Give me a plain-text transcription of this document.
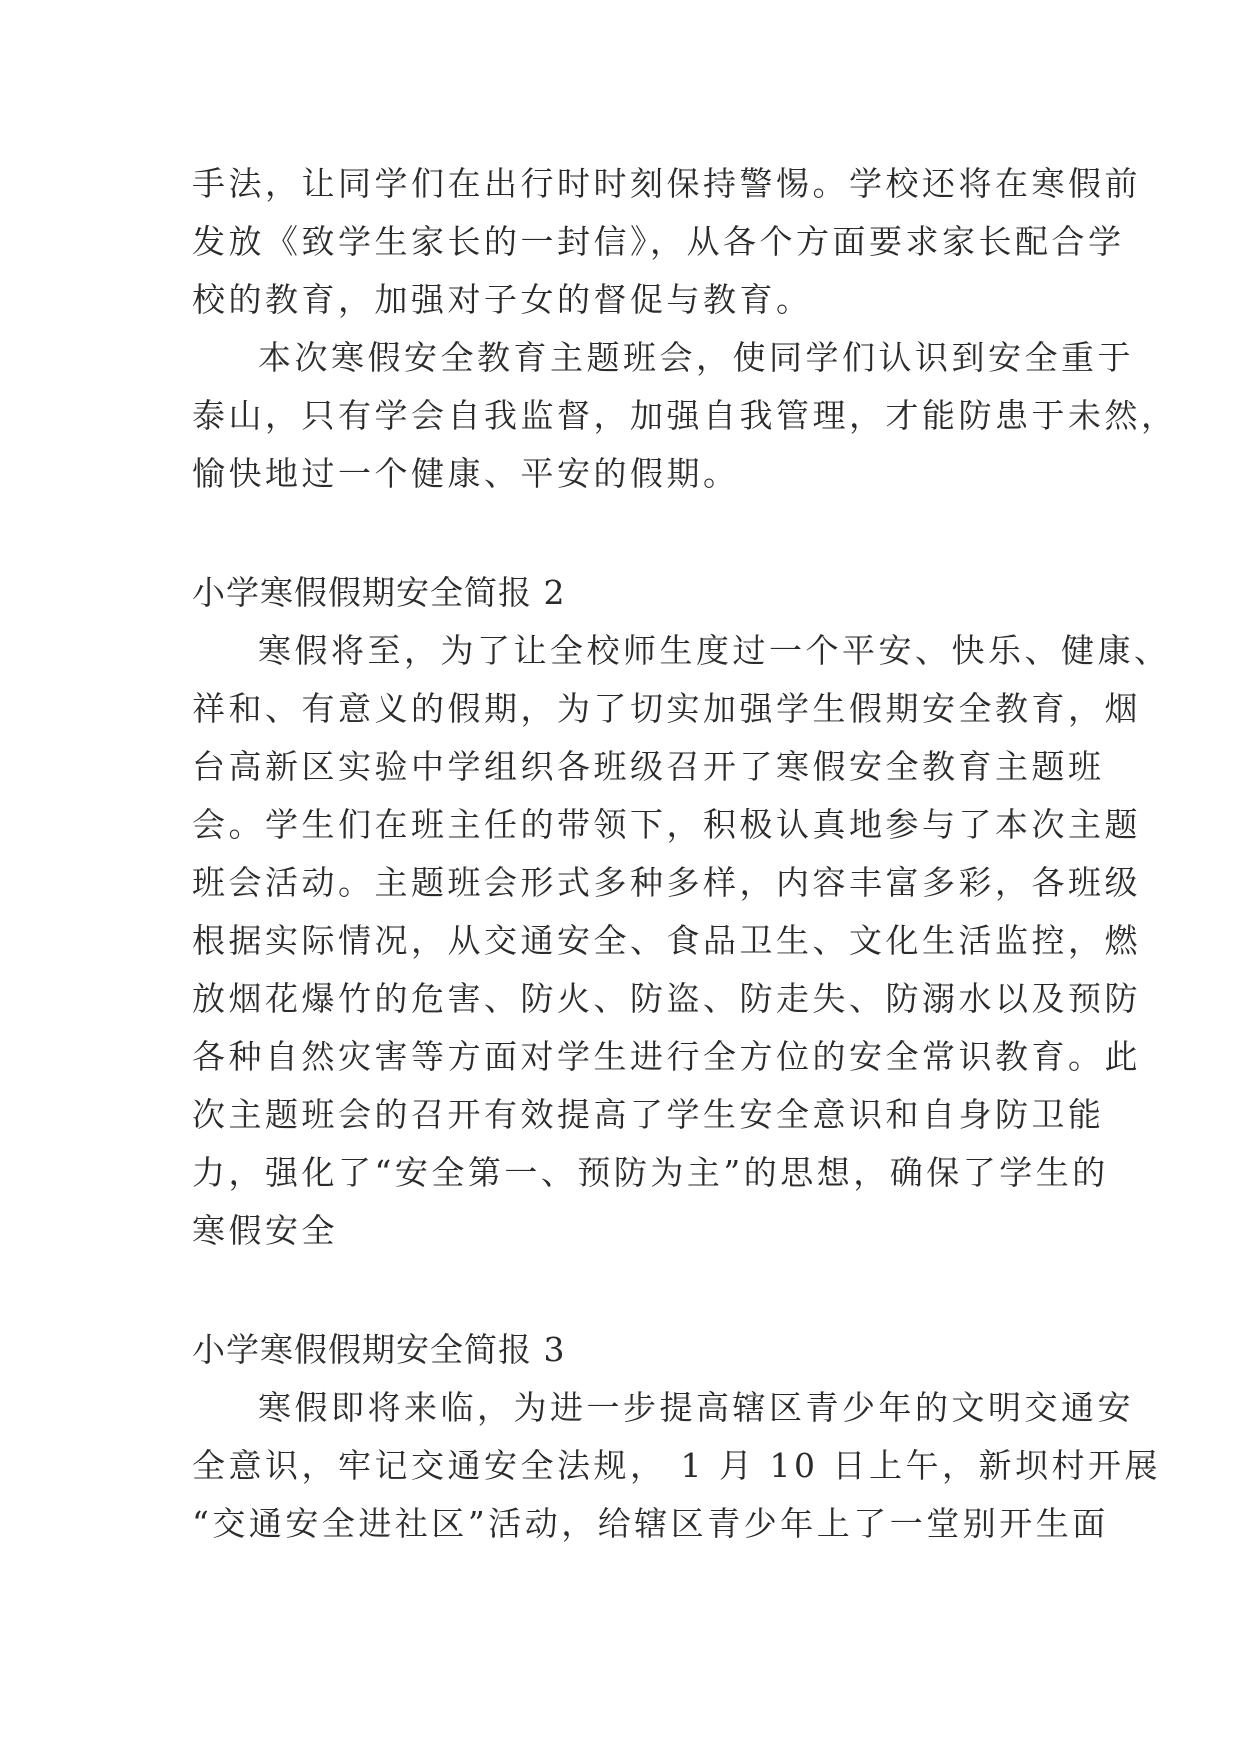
手法，让同学们在出行时时刻保持警惕。学校还将在寒假前
发放《致学生家长的一封信》，从各个方面要求家长配合学
校的教育，加强对子女的督促与教育。
本次寒假安全教育主题班会，使同学们认识到安全重于
泰山，只有学会自我监督，加强自我管理，才能防患于未然，
愉快地过一个健康、平安的假期。
小学寒假假期安全简报 2
寒假将至，为了让全校师生度过一个平安、快乐、健康、
祥和、有意义的假期，为了切实加强学生假期安全教育，烟
台高新区实验中学组织各班级召开了寒假安全教育主题班
会。学生们在班主任的带领下，积极认真地参与了本次主题
班会活动。主题班会形式多种多样，内容丰富多彩，各班级
根据实际情况，从交通安全、食品卫生、文化生活监控，燃
放烟花爆竹的危害、防火、防盗、防走失、防溺水以及预防
各种自然灾害等方面对学生进行全方位的安全常识教育。此
次主题班会的召开有效提高了学生安全意识和自身防卫能
力，强化了“安全第一、预防为主”的思想，确保了学生的
寒假安全
小学寒假假期安全简报 3
寒假即将来临，为进一步提高辖区青少年的文明交通安
全意识，牢记交通安全法规， 1 月 10 日上午，新坝村开展
“交通安全进社区”活动，给辖区青少年上了一堂别开生面
